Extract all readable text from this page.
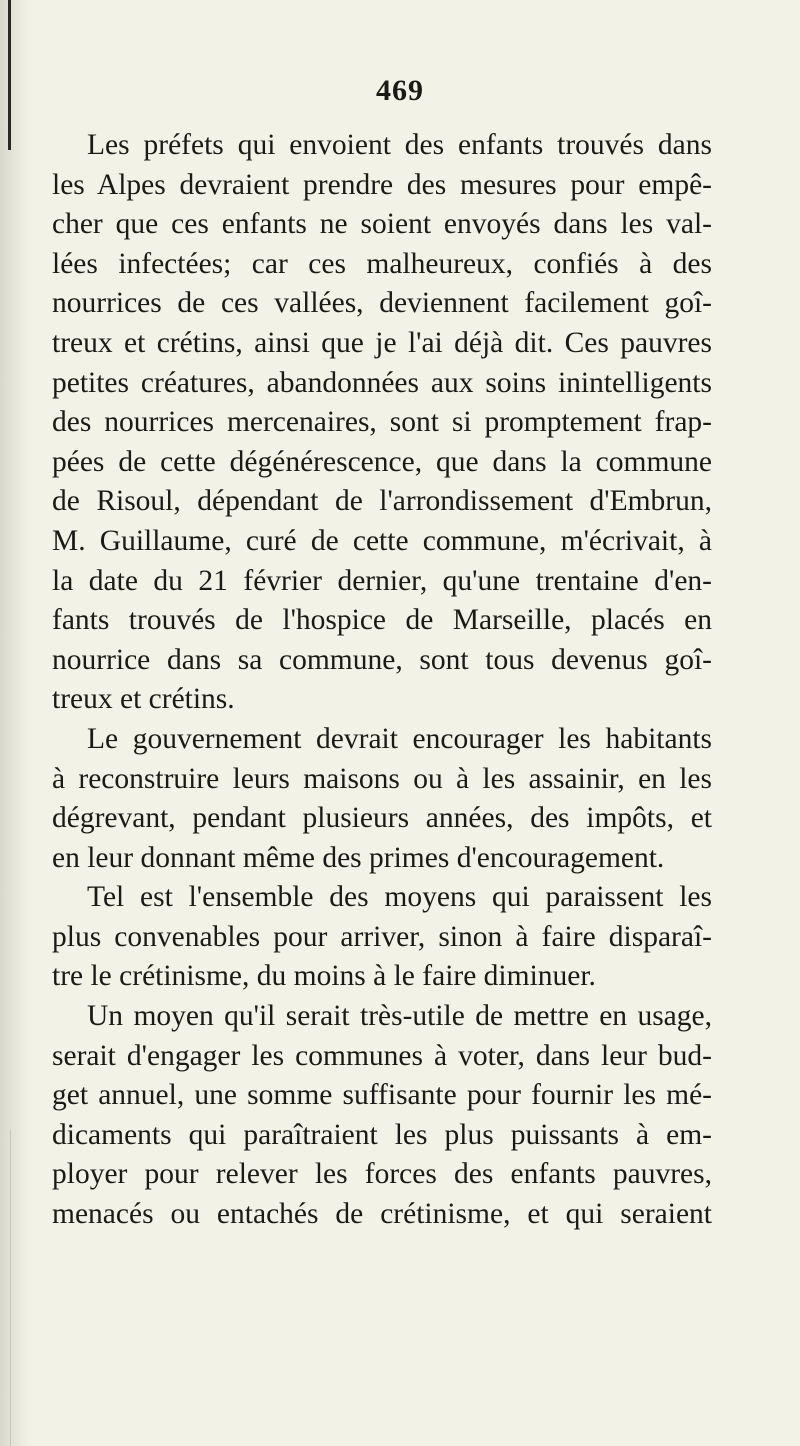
469
Les préfets qui envoient des enfants trouvés dans
les Alpes devraient prendre des mesures pour empê-
cher que ces enfants ne soient envoyés dans les val-
lées infectées; car ces malheureux, confiés à des
nourrices de ces vallées, deviennent facilement goî-
treux et crétins, ainsi que je l'ai déjà dit. Ces pauvres
petites créatures, abandonnées aux soins inintelligents
des nourrices mercenaires, sont si promptement frap-
pées de cette dégénérescence, que dans la commune
de Risoul, dépendant de l'arrondissement d'Embrun,
M. Guillaume, curé de cette commune, m'écrivait, à
la date du 21 février dernier, qu'une trentaine d'en-
fants trouvés de l'hospice de Marseille, placés en
nourrice dans sa commune, sont tous devenus goî-
treux et crétins.
Le gouvernement devrait encourager les habitants
à reconstruire leurs maisons ou à les assainir, en les
dégrevant, pendant plusieurs années, des impôts, et
en leur donnant même des primes d'encouragement.
Tel est l'ensemble des moyens qui paraissent les
plus convenables pour arriver, sinon à faire disparaî-
tre le crétinisme, du moins à le faire diminuer.
Un moyen qu'il serait très-utile de mettre en usage,
serait d'engager les communes à voter, dans leur bud-
get annuel, une somme suffisante pour fournir les mé-
dicaments qui paraîtraient les plus puissants à em-
ployer pour relever les forces des enfants pauvres,
menacés ou entachés de crétinisme, et qui seraient
